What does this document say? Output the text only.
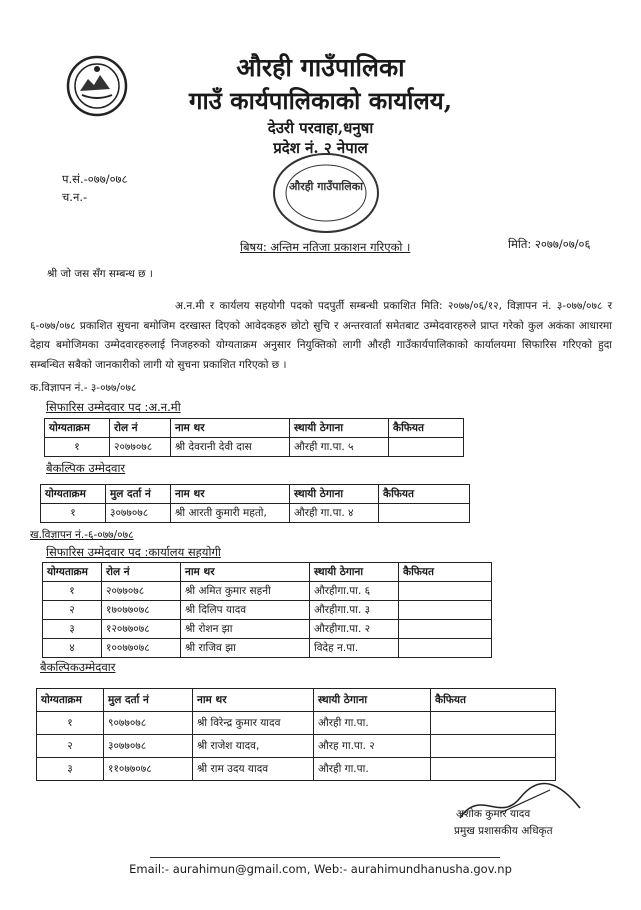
औरही गाउँपालिका
गाउँ कार्यपालिकाको कार्यालय,
देउरी परवाहा,धनुषा
प्रदेश नं. २ नेपाल
औरही गाउँपालिका
प.सं.-०७७/०७८
च.न.-
मिति: २०७७/०७/०६
बिषय: अन्तिम नतिजा प्रकाशन गरिएको ।
श्री जो जस सँग सम्बन्ध छ ।
अ.न.मी र कार्यलय सहयोगी पदको पदपुर्ती सम्बन्धी प्रकाशित मिति: २०७७/०६/१२, विज्ञापन नं. ३-०७७/०७८ र ६-०७७/०७८ प्रकाशित सुचना बमोजिम दरखास्त दिएको आवेदकहरु छोटो सुचि र अन्तरवार्ता समेतबाट उम्मेदवारहरुले प्राप्त गरेको कुल अकंका आधारमा देहाय बमोजिमका उम्मेदवारहरुलाई निजहरुको योग्यताक्रम अनुसार नियुक्तिको लागी औरही गाउँकार्यपालिकाको कार्यालयमा सिफारिस गरिएको हुदा सम्बन्धित सबैको जानकारीको लागी यो सुचना प्रकाशित गरिएको छ ।
क.विज्ञापन नं.- ३-०७७/०७८
सिफारिस उम्मेदवार पद :अ.न.मी
योग्यताक्रम	रोल नं	नाम थर	स्थायी ठेगाना	कैफियत
१	२०७७०७८	श्री देवरानी देवी दास	औरही गा.पा. ५	
बैकल्पिक उम्मेदवार
योग्यताक्रम	मुल दर्ता नं	नाम थर	स्थायी ठेगाना	कैफियत
१	३०७७०७८	श्री आरती कुमारी महतो,	औरही गा.पा. ४	
ख.विज्ञापन नं.-६-०७७/०७८
सिफारिस उम्मेदवार पद :कार्यालय सहयोगी
योग्यताक्रम	रोल नं	नाम थर	स्थायी ठेगाना	कैफियत
१	२०७७०७८	श्री अमित कुमार सहनी	औरहीगा.पा. ६	
२	१७०७७०७८	श्री दिलिप यादव	औरहीगा.पा. ३	
३	१२०७७०७८	श्री रोशन झा	औरहीगा.पा. २	
४	१००७७०७८	श्री राजिव झा	विदेह न.पा.	
बैकल्पिकउम्मेदवार
योग्यताक्रम	मुल दर्ता नं	नाम थर	स्थायी ठेगाना	कैफियत
१	९०७७०७८	श्री विरेन्द्र कुमार यादव	औरही गा.पा.	
२	३०७७०७८	श्री राजेश यादव,	औरह गा.पा. २	
३	११०७७०७८	श्री राम उदय यादव	औरही गा.पा.	
अशोक कुमार यादव
प्रमुख प्रशासकीय अधिकृत
Email:- aurahimun@gmail.com, Web:- aurahimundhanusha.gov.np
